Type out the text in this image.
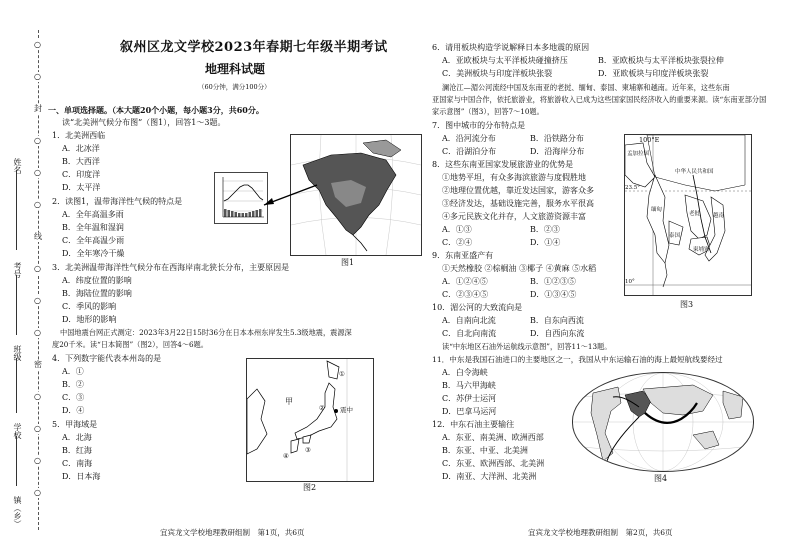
姓名
考号
班级
学校
镇（乡）
○
○
封
○
○
○
线
○
○
○
密
○
○
○
○
叙州区龙文学校2023年春期七年级半期考试
地理科试题
（60分钟，满分100分）
一、单项选择题。（本大题20个小题，每小题3分，共60分。
读“北美洲气候分布图”（图1），回答1～3题。
1．北美洲西临
A．北冰洋
B．大西洋
C．印度洋
D．太平洋
2．读图1，温带海洋性气候的特点是
A．全年高温多雨
B．全年温和湿润
C．全年高温少雨
D．全年寒冷干燥
3．北美洲温带海洋性气候分布在西海岸南北狭长分布，主要原因是
A．纬度位置的影响
B．海陆位置的影响
C．季风的影响
D．地形的影响
中国地震台网正式测定：2023年3月22日15时36分在日本本州东岸发生5.3级地震，震源深
度20千米。读“日本简图”（图2），回答4～6题。
4．下列数字能代表本州岛的是
A．①
B．②
C．③
D．④
5．甲海域是
A．北海
B．红海
C．南海
D．日本海
图1
甲
震中
①
②
③
④
图2
宜宾龙文学校地理教研组制　第1页，共6页
6．请用板块构造学说解释日本多地震的原因
A．亚欧板块与太平洋板块碰撞挤压	B．亚欧板块与太平洋板块张裂拉伸
C．美洲板块与印度洋板块张裂	D．亚欧板块与印度洋板块张裂
澜沧江—湄公河流经中国及东南亚的老挝、缅甸、泰国、柬埔寨和越南。近年来，这些东南
亚国家与中国合作，依托旅游业，将旅游收入已成为这些国家国民经济收入的重要来源。读“东南亚部分国
家示意图”（图3），回答7～10题。
7．图中城市的分布特点是
A．沿河流分布	B．沿铁路分布
C．沿湖泊分布	D．沿海岸分布
8．这些东南亚国家发展旅游业的优势是
①地势平坦，有众多海滨旅游与度假胜地
②地理位置优越，靠近发达国家，游客众多
③经济发达，基础设施完善，服务水平很高
④多元民族文化并存，人文旅游资源丰富
A．①③	B．②③
C．②④	D．①④
9．东南亚盛产有
①天然橡胶 ②棕榈油 ③椰子 ④黄麻 ⑤水稻
A．①②④⑤	B．①②③⑤
C．②③④⑤	D．①③④⑤
10．湄公河的大致流向是
A．自南向北流	B．自东向西流
C．自北向南流	D．自西向东流
读“中东地区石油外运航线示意图”，回答11～13题。
11．中东是我国石油进口的主要地区之一，我国从中东运输石油的海上最短航线要经过
A．白令海峡
B．马六甲海峡
C．苏伊士运河
D．巴拿马运河
12．中东石油主要输往
A．东亚、南美洲、欧洲西部
B．东亚、中亚、北美洲
C．东亚、欧洲西部、北美洲
D．南亚、大洋洲、北美洲
100°E
孟加拉国
中华人民共和国
23.5°
越南
缅甸
泰国
老挝
柬埔寨
10°
图3
图4
宜宾龙文学校地理教研组制　第2页，共6页
